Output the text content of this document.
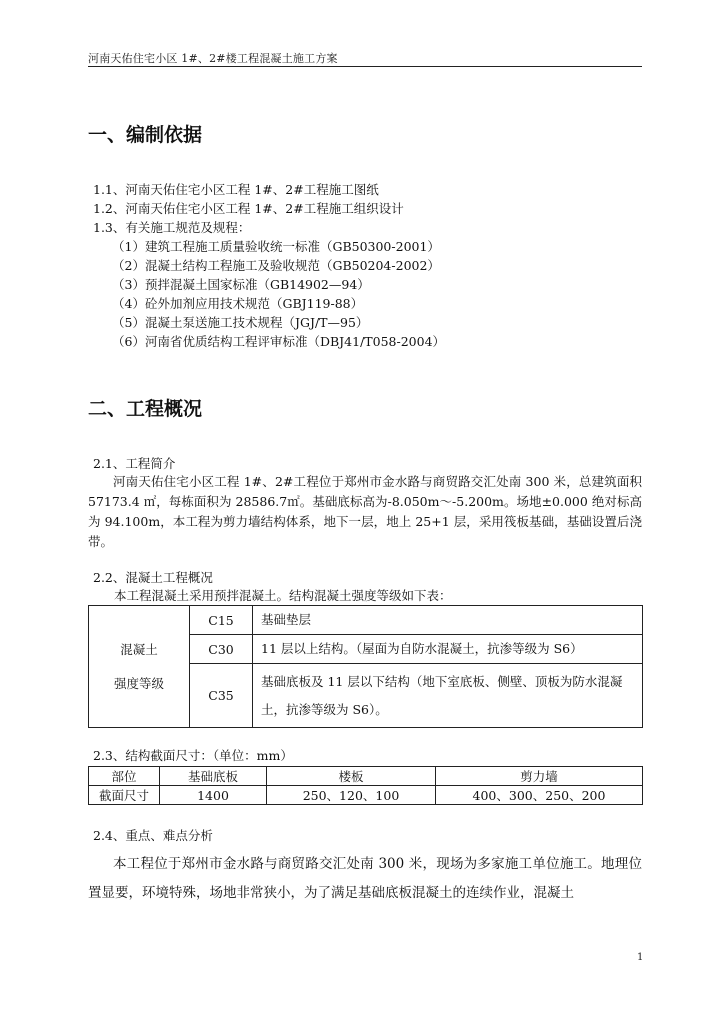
河南天佑住宅小区 1#、2#楼工程混凝土施工方案
一、编制依据
1.1、河南天佑住宅小区工程 1#、2#工程施工图纸
1.2、河南天佑住宅小区工程 1#、2#工程施工组织设计
1.3、有关施工规范及规程：
（1）建筑工程施工质量验收统一标准（GB50300-2001）
（2）混凝土结构工程施工及验收规范（GB50204-2002）
（3）预拌混凝土国家标准（GB14902—94）
（4）砼外加剂应用技术规范（GBJ119-88）
（5）混凝土泵送施工技术规程（JGJ/T—95）
（6）河南省优质结构工程评审标准（DBJ41/T058-2004）
二、工程概况
2.1、工程简介
河南天佑住宅小区工程 1#、2#工程位于郑州市金水路与商贸路交汇处南 300 米，总建筑面积 57173.4 ㎡，每栋面积为 28586.7㎡。基础底标高为-8.050m～-5.200m。场地±0.000 绝对标高为 94.100m，本工程为剪力墙结构体系，地下一层，地上 25+1 层，采用筏板基础，基础设置后浇带。
2.2、混凝土工程概况
本工程混凝土采用预拌混凝土。结构混凝土强度等级如下表：
混凝土
强度等级	C15	基础垫层
	C30	11 层以上结构。（屋面为自防水混凝土，抗渗等级为 S6）
	C35	基础底板及 11 层以下结构（地下室底板、侧壁、顶板为防水混凝土，抗渗等级为 S6）。
2.3、结构截面尺寸：（单位：mm）
部位	基础底板	楼板	剪力墙
截面尺寸	1400	250、120、100	400、300、250、200
2.4、重点、难点分析
本工程位于郑州市金水路与商贸路交汇处南 300 米，现场为多家施工单位施工。地理位置显要，环境特殊，场地非常狭小，为了满足基础底板混凝土的连续作业，混凝土
1
